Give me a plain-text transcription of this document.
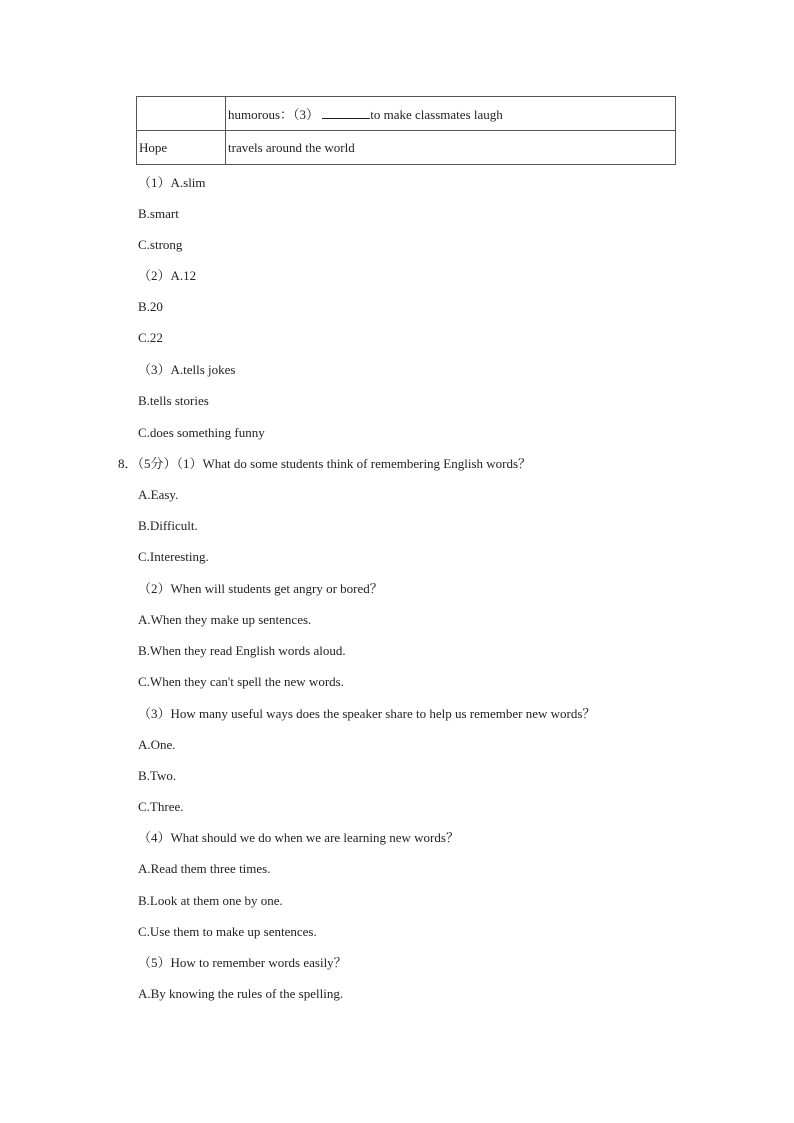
	humorous：（3） to make classmates laugh
Hope	travels around the world
（1）A.slim
B.smart
C.strong
（2）A.12
B.20
C.22
（3）A.tells jokes
B.tells stories
C.does something funny
8．（5分）（1）What do some students think of remembering English words？
A.Easy.
B.Difficult.
C.Interesting.
（2）When will students get angry or bored？
A.When they make up sentences.
B.When they read English words aloud.
C.When they can't spell the new words.
（3）How many useful ways does the speaker share to help us remember new words？
A.One.
B.Two.
C.Three.
（4）What should we do when we are learning new words？
A.Read them three times.
B.Look at them one by one.
C.Use them to make up sentences.
（5）How to remember words easily？
A.By knowing the rules of the spelling.
